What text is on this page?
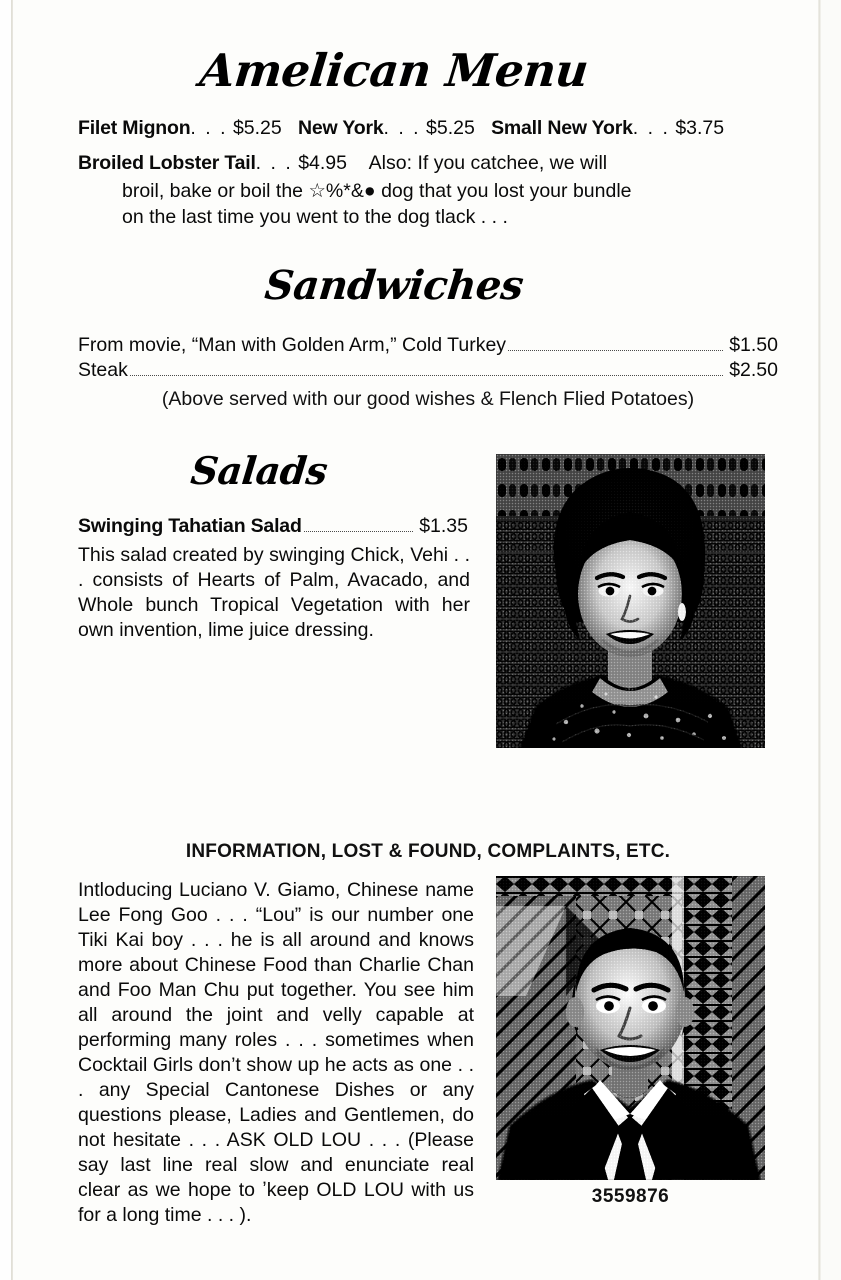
Amelican Menu
Filet Mignon. . . $5.25 New York. . . $5.25 Small New York. . . $3.75
Broiled Lobster Tail. . . $4.95 Also: If you catchee, we will
broil, bake or boil the ☆%*&● dog that you lost your bundle
on the last time you went to the dog tlack . . .
Sandwiches
From movie, “Man with Golden Arm,” Cold Turkey	$1.50
Steak	$2.50
(Above served with our good wishes & Flench Flied Potatoes)
Salads
Swinging Tahatian Salad	$1.35
This salad created by swinging Chick, Vehi . . . consists of Hearts of Palm, Avacado, and Whole bunch Tropical Vegetation with her own invention, lime juice dressing.
INFORMATION, LOST & FOUND, COMPLAINTS, ETC.
Intloducing Luciano V. Giamo, Chinese name Lee Fong Goo . . . “Lou” is our number one Tiki Kai boy . . . he is all around and knows more about Chinese Food than Charlie Chan and Foo Man Chu put together. You see him all around the joint and velly capable at performing many roles . . . sometimes when Cocktail Girls don’t show up he acts as one . . . any Special Cantonese Dishes or any questions please, Ladies and Gentlemen, do not hesitate . . . ASK OLD LOU . . . (Please say last line real slow and enunciate real clear as we hope to ʼkeep OLD LOU with us for a long time . . . ).
3559876
